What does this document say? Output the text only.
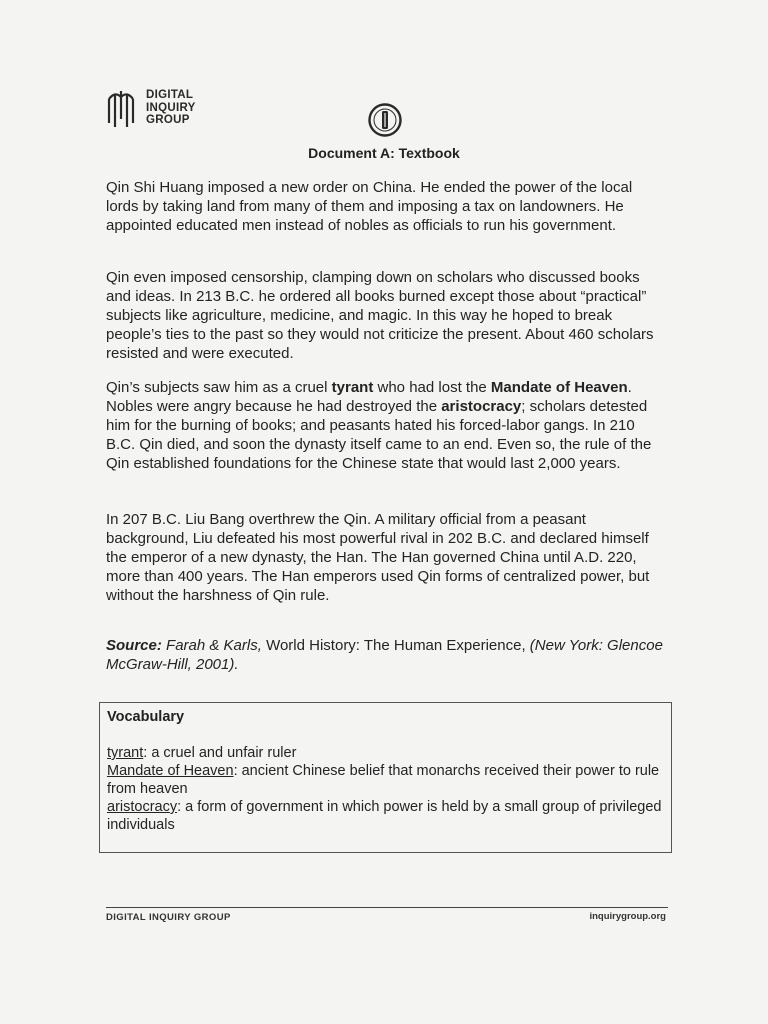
DIGITAL
INQUIRY
GROUP
Document A: Textbook
Qin Shi Huang imposed a new order on China. He ended the power of the local lords by taking land from many of them and imposing a tax on landowners. He appointed educated men instead of nobles as officials to run his government.
Qin even imposed censorship, clamping down on scholars who discussed books and ideas. In 213 B.C. he ordered all books burned except those about “practical” subjects like agriculture, medicine, and magic. In this way he hoped to break people’s ties to the past so they would not criticize the present. About 460 scholars resisted and were executed.
Qin’s subjects saw him as a cruel tyrant who had lost the Mandate of Heaven. Nobles were angry because he had destroyed the aristocracy; scholars detested him for the burning of books; and peasants hated his forced-labor gangs. In 210 B.C. Qin died, and soon the dynasty itself came to an end. Even so, the rule of the Qin established foundations for the Chinese state that would last 2,000 years.
In 207 B.C. Liu Bang overthrew the Qin. A military official from a peasant background, Liu defeated his most powerful rival in 202 B.C. and declared himself the emperor of a new dynasty, the Han. The Han governed China until A.D. 220, more than 400 years. The Han emperors used Qin forms of centralized power, but without the harshness of Qin rule.
Source: Farah & Karls, World History: The Human Experience, (New York: Glencoe McGraw-Hill, 2001).
Vocabulary
tyrant: a cruel and unfair ruler
Mandate of Heaven: ancient Chinese belief that monarchs received their power to rule from heaven
aristocracy: a form of government in which power is held by a small group of privileged individuals
DIGITAL INQUIRY GROUP	inquirygroup.org
